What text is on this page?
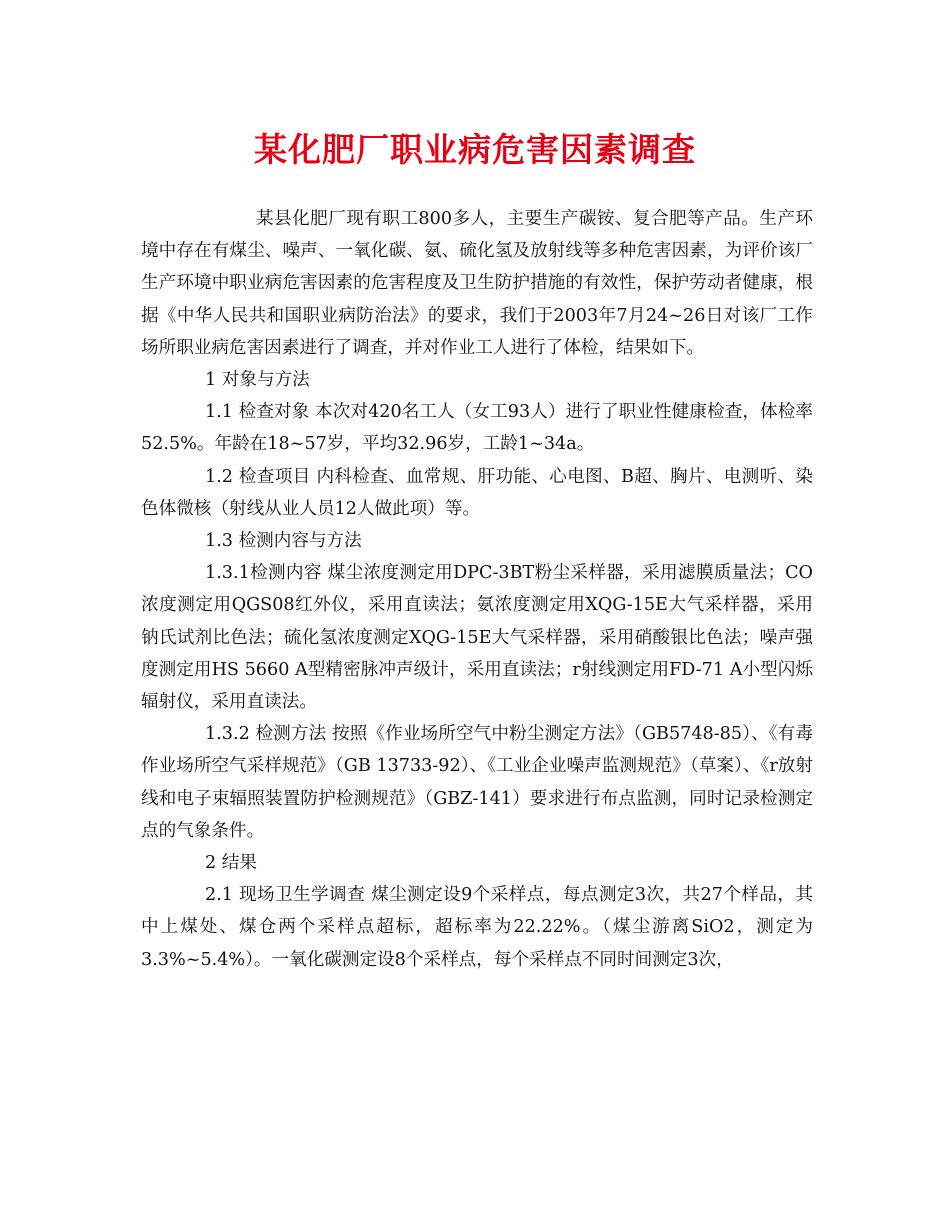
某化肥厂职业病危害因素调查

某县化肥厂现有职工800多人，主要生产碳铵、复合肥等产品。生产环境中存在有煤尘、噪声、一氧化碳、氨、硫化氢及放射线等多种危害因素，为评价该厂生产环境中职业病危害因素的危害程度及卫生防护措施的有效性，保护劳动者健康，根据《中华人民共和国职业病防治法》的要求，我们于2003年7月24~26日对该厂工作场所职业病危害因素进行了调查，并对作业工人进行了体检，结果如下。

1 对象与方法

1.1 检查对象 本次对420名工人（女工93人）进行了职业性健康检查，体检率52.5%。年龄在18~57岁，平均32.96岁，工龄1~34a。

1.2 检查项目 内科检查、血常规、肝功能、心电图、B超、胸片、电测听、染色体微核（射线从业人员12人做此项）等。

1.3 检测内容与方法

1.3.1检测内容 煤尘浓度测定用DPC-3BT粉尘采样器，采用滤膜质量法；CO浓度测定用QGS08红外仪，采用直读法；氨浓度测定用XQG-15E大气采样器，采用钠氏试剂比色法；硫化氢浓度测定XQG-15E大气采样器，采用硝酸银比色法；噪声强度测定用HS 5660 A型精密脉冲声级计，采用直读法；r射线测定用FD-71 A小型闪烁辐射仪，采用直读法。

1.3.2 检测方法 按照《作业场所空气中粉尘测定方法》（GB5748-85）、《有毒作业场所空气采样规范》（GB 13733-92）、《工业企业噪声监测规范》（草案）、《r放射线和电子束辐照装置防护检测规范》（GBZ-141）要求进行布点监测，同时记录检测定点的气象条件。

2 结果

2.1 现场卫生学调查 煤尘测定设9个采样点，每点测定3次，共27个样品，其中上煤处、煤仓两个采样点超标，超标率为22.22%。（煤尘游离SiO2，测定为3.3%~5.4%）。一氧化碳测定设8个采样点，每个采样点不同时间测定3次，
